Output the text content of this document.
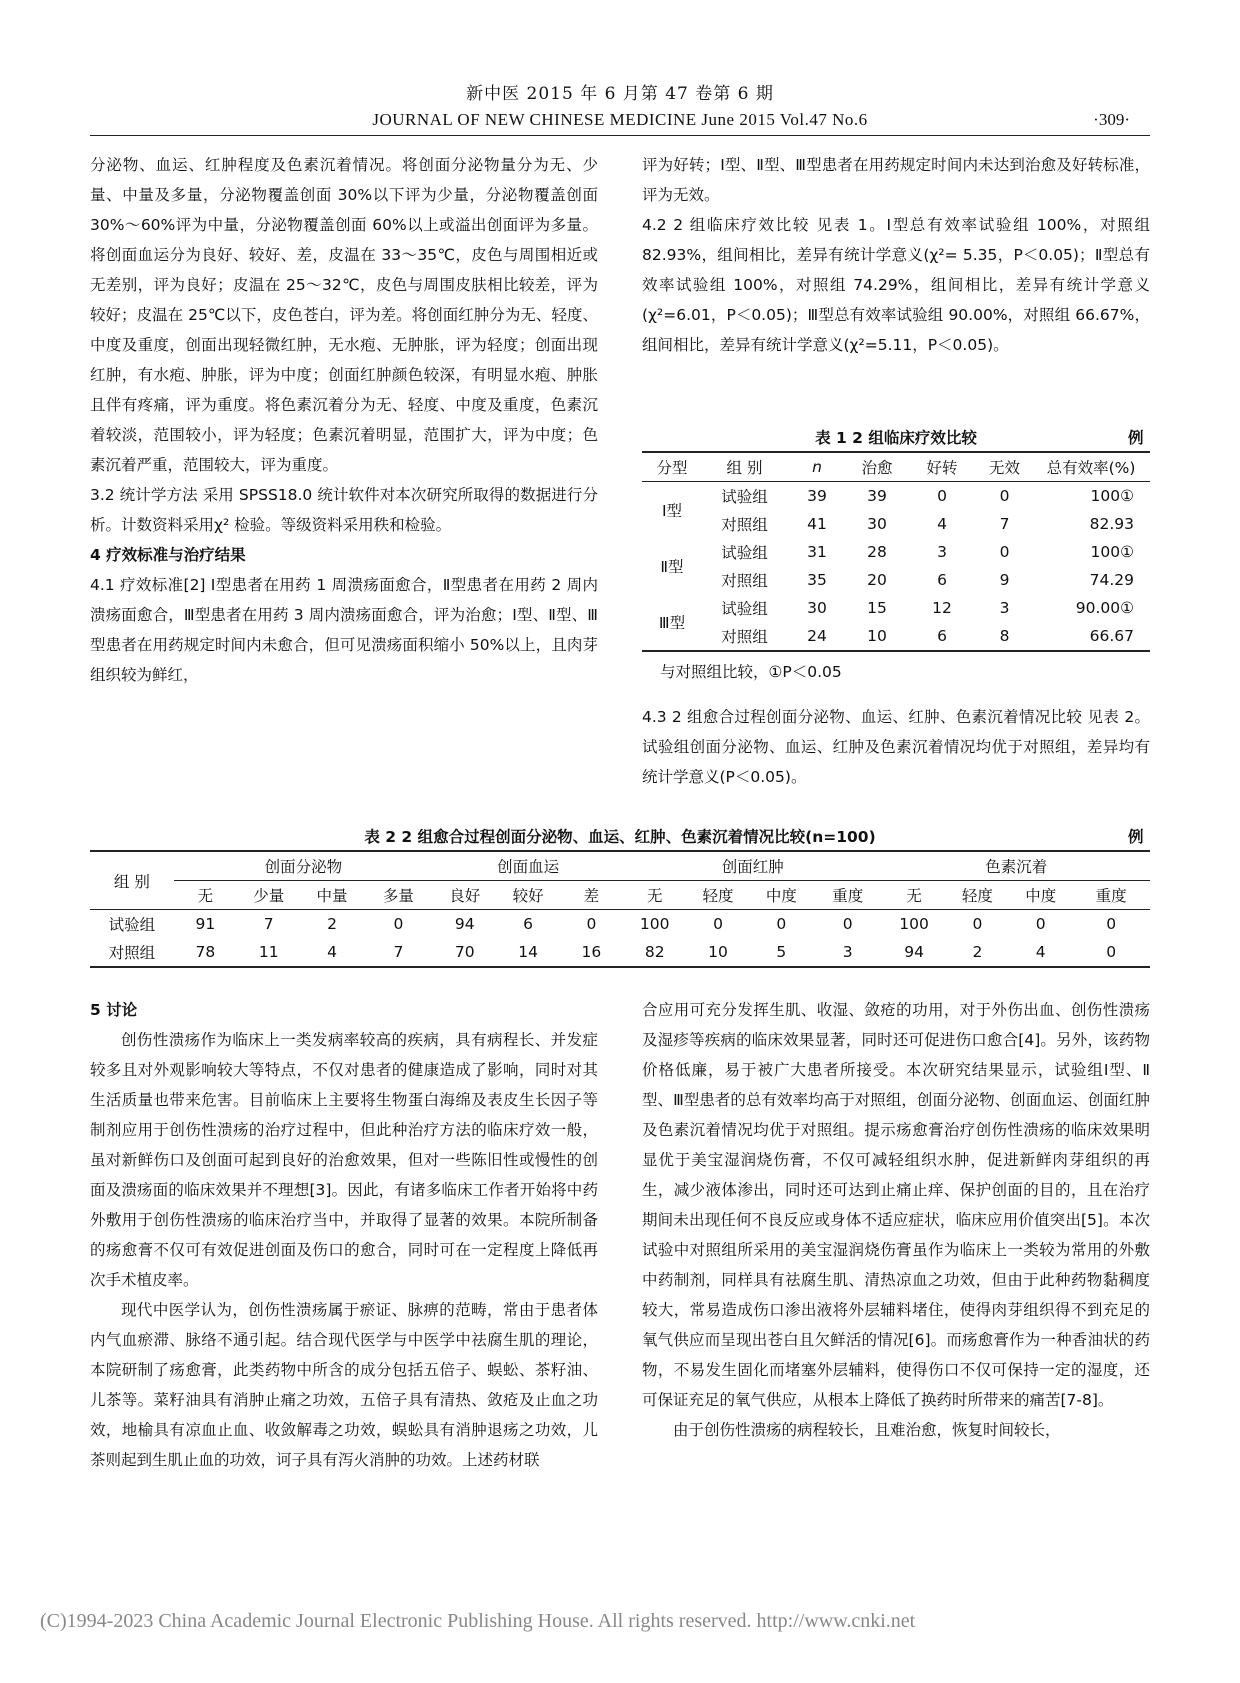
新中医 2015 年 6 月第 47 卷第 6 期
JOURNAL OF NEW CHINESE MEDICINE June 2015 Vol.47 No.6	·309·

分泌物、血运、红肿程度及色素沉着情况。将创面分泌物量分为无、少量、中量及多量，分泌物覆盖创面 30%以下评为少量，分泌物覆盖创面 30%～60%评为中量，分泌物覆盖创面 60%以上或溢出创面评为多量。将创面血运分为良好、较好、差，皮温在 33～35℃，皮色与周围相近或无差别，评为良好；皮温在 25～32℃，皮色与周围皮肤相比较差，评为较好；皮温在 25℃以下，皮色苍白，评为差。将创面红肿分为无、轻度、中度及重度，创面出现轻微红肿，无水疱、无肿胀，评为轻度；创面出现红肿，有水疱、肿胀，评为中度；创面红肿颜色较深，有明显水疱、肿胀且伴有疼痛，评为重度。将色素沉着分为无、轻度、中度及重度，色素沉着较淡，范围较小，评为轻度；色素沉着明显，范围扩大，评为中度；色素沉着严重，范围较大，评为重度。

3.2 统计学方法 采用 SPSS18.0 统计软件对本次研究所取得的数据进行分析。计数资料采用χ² 检验。等级资料采用秩和检验。

4 疗效标准与治疗结果

4.1 疗效标准[2] Ⅰ型患者在用药 1 周溃疡面愈合，Ⅱ型患者在用药 2 周内溃疡面愈合，Ⅲ型患者在用药 3 周内溃疡面愈合，评为治愈；Ⅰ型、Ⅱ型、Ⅲ型患者在用药规定时间内未愈合，但可见溃疡面积缩小 50%以上，且肉芽组织较为鲜红，

评为好转；Ⅰ型、Ⅱ型、Ⅲ型患者在用药规定时间内未达到治愈及好转标准，评为无效。

4.2 2 组临床疗效比较 见表 1。Ⅰ型总有效率试验组 100%，对照组 82.93%，组间相比，差异有统计学意义(χ²= 5.35，P＜0.05)；Ⅱ型总有效率试验组 100%，对照组 74.29%，组间相比，差异有统计学意义(χ²=6.01，P＜0.05)；Ⅲ型总有效率试验组 90.00%，对照组 66.67%，组间相比，差异有统计学意义(χ²=5.11，P＜0.05)。

表 1 2 组临床疗效比较	例
分型	组 别	n	治愈	好转	无效	总有效率(%)
Ⅰ型	试验组	39	39	0	0	100①
	对照组	41	30	4	7	82.93
Ⅱ型	试验组	31	28	3	0	100①
	对照组	35	20	6	9	74.29
Ⅲ型	试验组	30	15	12	3	90.00①
	对照组	24	10	6	8	66.67
与对照组比较，①P＜0.05

4.3 2 组愈合过程创面分泌物、血运、红肿、色素沉着情况比较 见表 2。试验组创面分泌物、血运、红肿及色素沉着情况均优于对照组，差异均有统计学意义(P＜0.05)。

表 2 2 组愈合过程创面分泌物、血运、红肿、色素沉着情况比较(n=100)	例
组 别	创面分泌物				创面血运			创面红肿				色素沉着			
	无	少量	中量	多量	良好	较好	差	无	轻度	中度	重度	无	轻度	中度	重度
试验组	91	7	2	0	94	6	0	100	0	0	0	100	0	0	0
对照组	78	11	4	7	70	14	16	82	10	5	3	94	2	4	0

5 讨论

创伤性溃疡作为临床上一类发病率较高的疾病，具有病程长、并发症较多且对外观影响较大等特点，不仅对患者的健康造成了影响，同时对其生活质量也带来危害。目前临床上主要将生物蛋白海绵及表皮生长因子等制剂应用于创伤性溃疡的治疗过程中，但此种治疗方法的临床疗效一般，虽对新鲜伤口及创面可起到良好的治愈效果，但对一些陈旧性或慢性的创面及溃疡面的临床效果并不理想[3]。因此，有诸多临床工作者开始将中药外敷用于创伤性溃疡的临床治疗当中，并取得了显著的效果。本院所制备的疡愈膏不仅可有效促进创面及伤口的愈合，同时可在一定程度上降低再次手术植皮率。

现代中医学认为，创伤性溃疡属于瘀证、脉痹的范畴，常由于患者体内气血瘀滞、脉络不通引起。结合现代医学与中医学中祛腐生肌的理论，本院研制了疡愈膏，此类药物中所含的成分包括五倍子、蜈蚣、茶籽油、儿茶等。菜籽油具有消肿止痛之功效，五倍子具有清热、敛疮及止血之功效，地榆具有凉血止血、收敛解毒之功效，蜈蚣具有消肿退疡之功效，儿茶则起到生肌止血的功效，诃子具有泻火消肿的功效。上述药材联

合应用可充分发挥生肌、收湿、敛疮的功用，对于外伤出血、创伤性溃疡及湿疹等疾病的临床效果显著，同时还可促进伤口愈合[4]。另外，该药物价格低廉，易于被广大患者所接受。本次研究结果显示，试验组Ⅰ型、Ⅱ型、Ⅲ型患者的总有效率均高于对照组，创面分泌物、创面血运、创面红肿及色素沉着情况均优于对照组。提示疡愈膏治疗创伤性溃疡的临床效果明显优于美宝湿润烧伤膏，不仅可减轻组织水肿，促进新鲜肉芽组织的再生，减少液体渗出，同时还可达到止痛止痒、保护创面的目的，且在治疗期间未出现任何不良反应或身体不适应症状，临床应用价值突出[5]。本次试验中对照组所采用的美宝湿润烧伤膏虽作为临床上一类较为常用的外敷中药制剂，同样具有祛腐生肌、清热凉血之功效，但由于此种药物黏稠度较大，常易造成伤口渗出液将外层辅料堵住，使得肉芽组织得不到充足的氧气供应而呈现出苍白且欠鲜活的情况[6]。而疡愈膏作为一种香油状的药物，不易发生固化而堵塞外层辅料，使得伤口不仅可保持一定的湿度，还可保证充足的氧气供应，从根本上降低了换药时所带来的痛苦[7-8]。

由于创伤性溃疡的病程较长，且难治愈，恢复时间较长，

(C)1994-2023 China Academic Journal Electronic Publishing House. All rights reserved. http://www.cnki.net
